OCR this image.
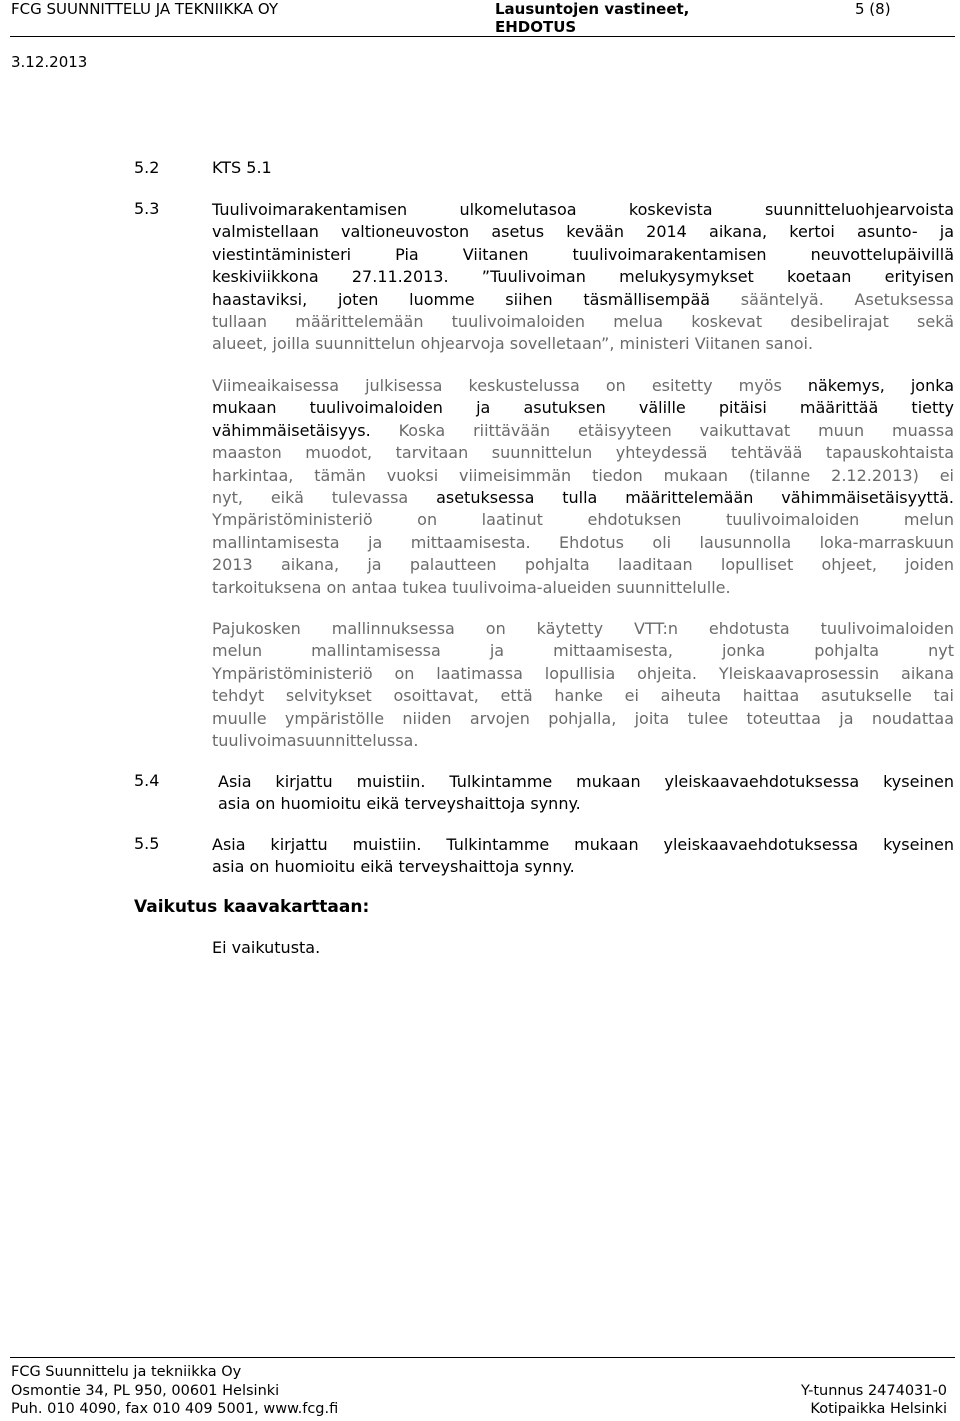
FCG SUUNNITTELU JA TEKNIIKKA OY
3.12.2013
Lausuntojen vastineet,
EHDOTUS
5 (8)
5.2	KTS 5.1
5.3	Tuulivoimarakentamisen ulkomelutasoa koskevista suunnitteluohjearvoista
valmistellaan valtioneuvoston asetus kevään 2014 aikana, kertoi asunto- ja
viestintäministeri Pia Viitanen tuulivoimarakentamisen neuvottelupäivillä
keskiviikkona 27.11.2013. ”Tuulivoiman melukysymykset koetaan erityisen
haastaviksi, joten luomme siihen täsmällisempää sääntelyä. Asetuksessa
tullaan määrittelemään tuulivoimaloiden melua koskevat desibelirajat sekä
alueet, joilla suunnittelun ohjearvoja sovelletaan”, ministeri Viitanen sanoi.
Viimeaikaisessa julkisessa keskustelussa on esitetty myös näkemys, jonka
mukaan tuulivoimaloiden ja asutuksen välille pitäisi määrittää tietty
vähimmäisetäisyys. Koska riittävään etäisyyteen vaikuttavat muun muassa
maaston muodot, tarvitaan suunnittelun yhteydessä tehtävää tapauskohtaista
harkintaa, tämän vuoksi viimeisimmän tiedon mukaan (tilanne 2.12.2013) ei
nyt, eikä tulevassa asetuksessa tulla määrittelemään vähimmäisetäisyyttä.
Ympäristöministeriö on laatinut ehdotuksen tuulivoimaloiden melun
mallintamisesta ja mittaamisesta. Ehdotus oli lausunnolla loka-marraskuun
2013 aikana, ja palautteen pohjalta laaditaan lopulliset ohjeet, joiden
tarkoituksena on antaa tukea tuulivoima-alueiden suunnittelulle.
Pajukosken mallinnuksessa on käytetty VTT:n ehdotusta tuulivoimaloiden
melun mallintamisessa ja mittaamisesta, jonka pohjalta nyt
Ympäristöministeriö on laatimassa lopullisia ohjeita. Yleiskaavaprosessin aikana
tehdyt selvitykset osoittavat, että hanke ei aiheuta haittaa asutukselle tai
muulle ympäristölle niiden arvojen pohjalla, joita tulee toteuttaa ja noudattaa
tuulivoimasuunnittelussa.
5.4	Asia kirjattu muistiin. Tulkintamme mukaan yleiskaavaehdotuksessa kyseinen
asia on huomioitu eikä terveyshaittoja synny.
5.5	Asia kirjattu muistiin. Tulkintamme mukaan yleiskaavaehdotuksessa kyseinen
asia on huomioitu eikä terveyshaittoja synny.
Vaikutus kaavakarttaan:
Ei vaikutusta.
FCG Suunnittelu ja tekniikka Oy
Osmontie 34, PL 950, 00601 Helsinki
Puh. 010 4090, fax 010 409 5001, www.fcg.fi
Y-tunnus 2474031-0
Kotipaikka Helsinki
